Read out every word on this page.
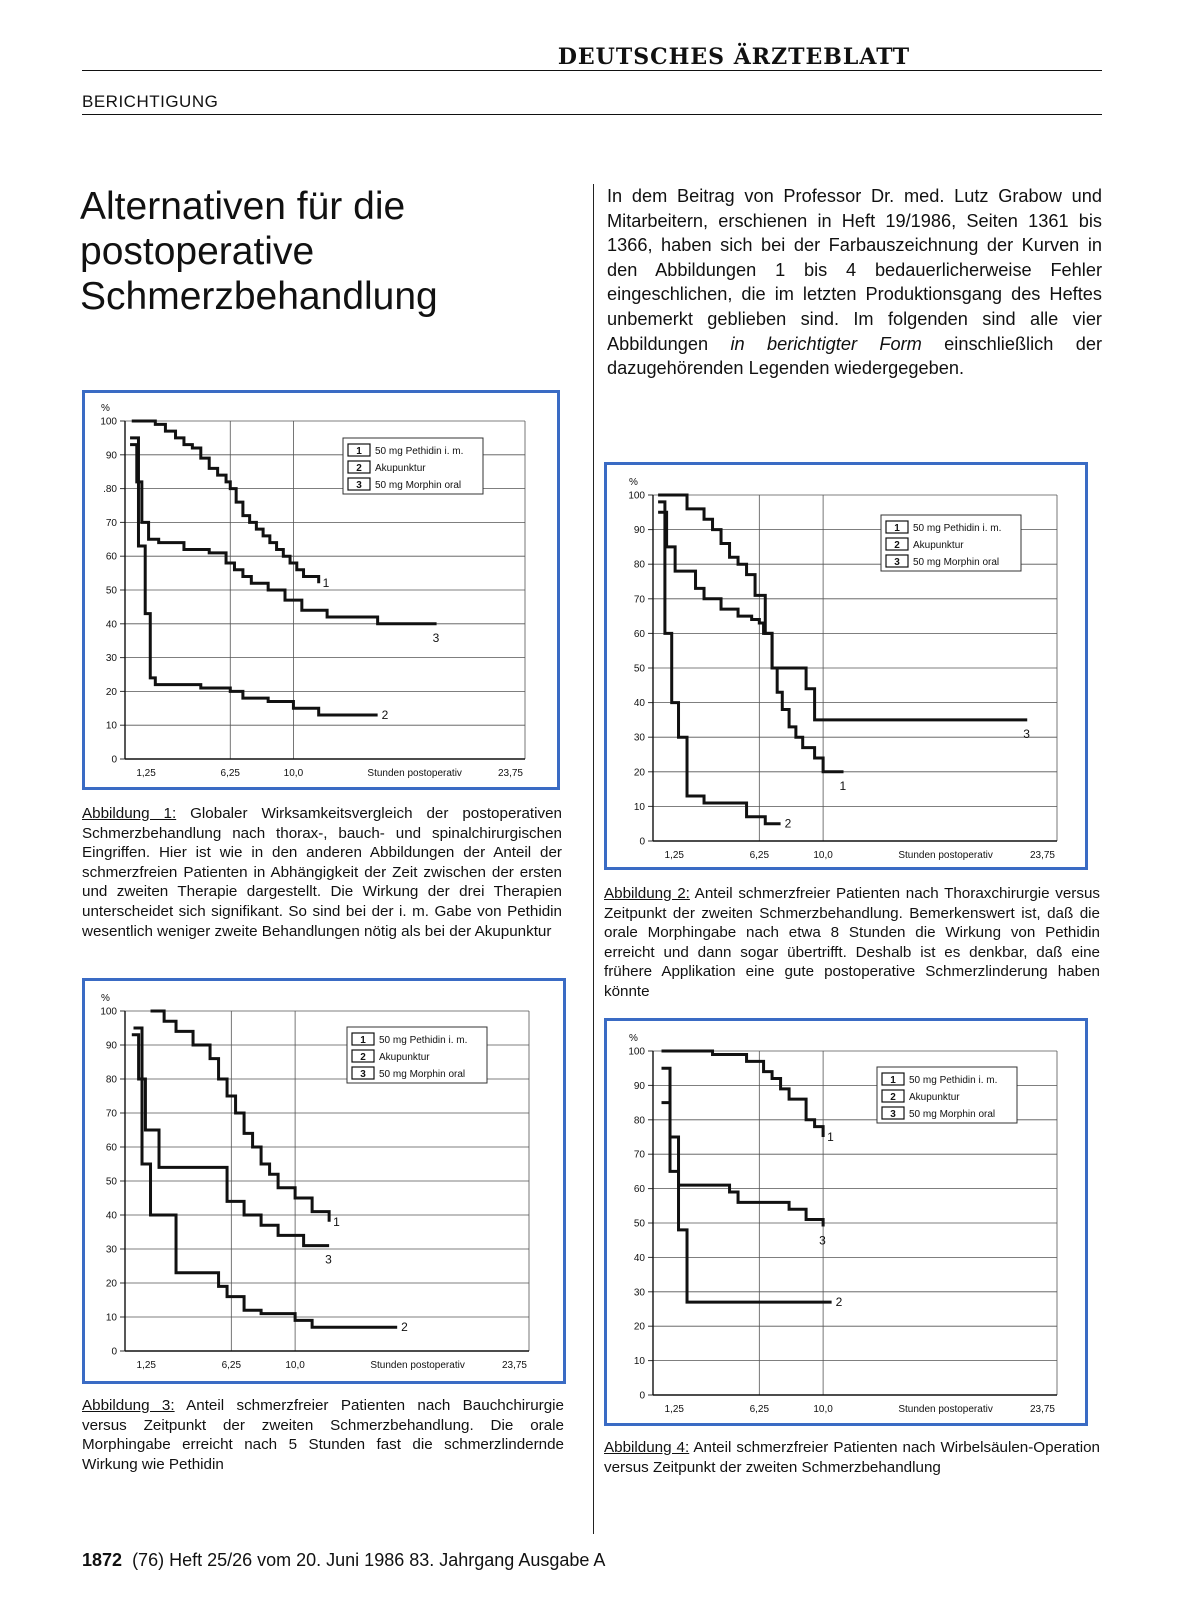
DEUTSCHES ÄRZTEBLATT
BERICHTIGUNG
Alternativen für die
postoperative
Schmerzbehandlung
In dem Beitrag von Professor Dr. med. Lutz Grabow und Mitarbeitern, erschienen in Heft 19/1986, Seiten 1361 bis 1366, haben sich bei der Farbauszeichnung der Kurven in den Abbildungen 1 bis 4 bedauerlicherweise Fehler eingeschlichen, die im letzten Produktionsgang des Heftes unbemerkt geblieben sind. Im folgenden sind alle vier Abbildungen in berichtigter Form einschließlich der dazugehörenden Legenden wiedergegeben.
100
90
.80
70
60
50
40
30
20
10
0
%
1,25	6,25	10,0	23,75
Stunden postoperativ
1
2
3
1 50 mg Pethidin i. m.
2 Akupunktur
3 50 mg Morphin oral
Abbildung 1: Globaler Wirksamkeitsvergleich der postoperativen Schmerzbehandlung nach thorax-, bauch- und spinalchirurgischen Eingriffen. Hier ist wie in den anderen Abbildungen der Anteil der schmerzfreien Patienten in Abhängigkeit der Zeit zwischen der ersten und zweiten Therapie dargestellt. Die Wirkung der drei Therapien unterscheidet sich signifikant. So sind bei der i. m. Gabe von Pethidin wesentlich weniger zweite Behandlungen nötig als bei der Akupunktur
100
90
80
70
60
50
40
30
20
10
0
%
1,25	6,25	10,0	23,75
Stunden postoperativ
1
2
3
1 50 mg Pethidin i. m.
2 Akupunktur
3 50 mg Morphin oral
Abbildung 2: Anteil schmerzfreier Patienten nach Thoraxchirurgie versus Zeitpunkt der zweiten Schmerzbehandlung. Bemerkenswert ist, daß die orale Morphingabe nach etwa 8 Stunden die Wirkung von Pethidin erreicht und dann sogar übertrifft. Deshalb ist es denkbar, daß eine frühere Applikation eine gute postoperative Schmerzlinderung haben könnte
100
90
80
70
60
50
40
30
20
10
0
%
1,25	6,25	10,0	23,75
Stunden postoperativ
1
2
3
1 50 mg Pethidin i. m.
2 Akupunktur
3 50 mg Morphin oral
Abbildung 3: Anteil schmerzfreier Patienten nach Bauchchirurgie versus Zeitpunkt der zweiten Schmerzbehandlung. Die orale Morphingabe erreicht nach 5 Stunden fast die schmerzlindernde Wirkung wie Pethidin
100
90
80
70
60
50
40
30
20
10
0
%
1,25	6,25	10,0	23,75
Stunden postoperativ
1
2
3
1 50 mg Pethidin i. m.
2 Akupunktur
3 50 mg Morphin oral
Abbildung 4: Anteil schmerzfreier Patienten nach Wirbelsäulen-Operation versus Zeitpunkt der zweiten Schmerzbehandlung
1872 (76) Heft 25/26 vom 20. Juni 1986 83. Jahrgang Ausgabe A
